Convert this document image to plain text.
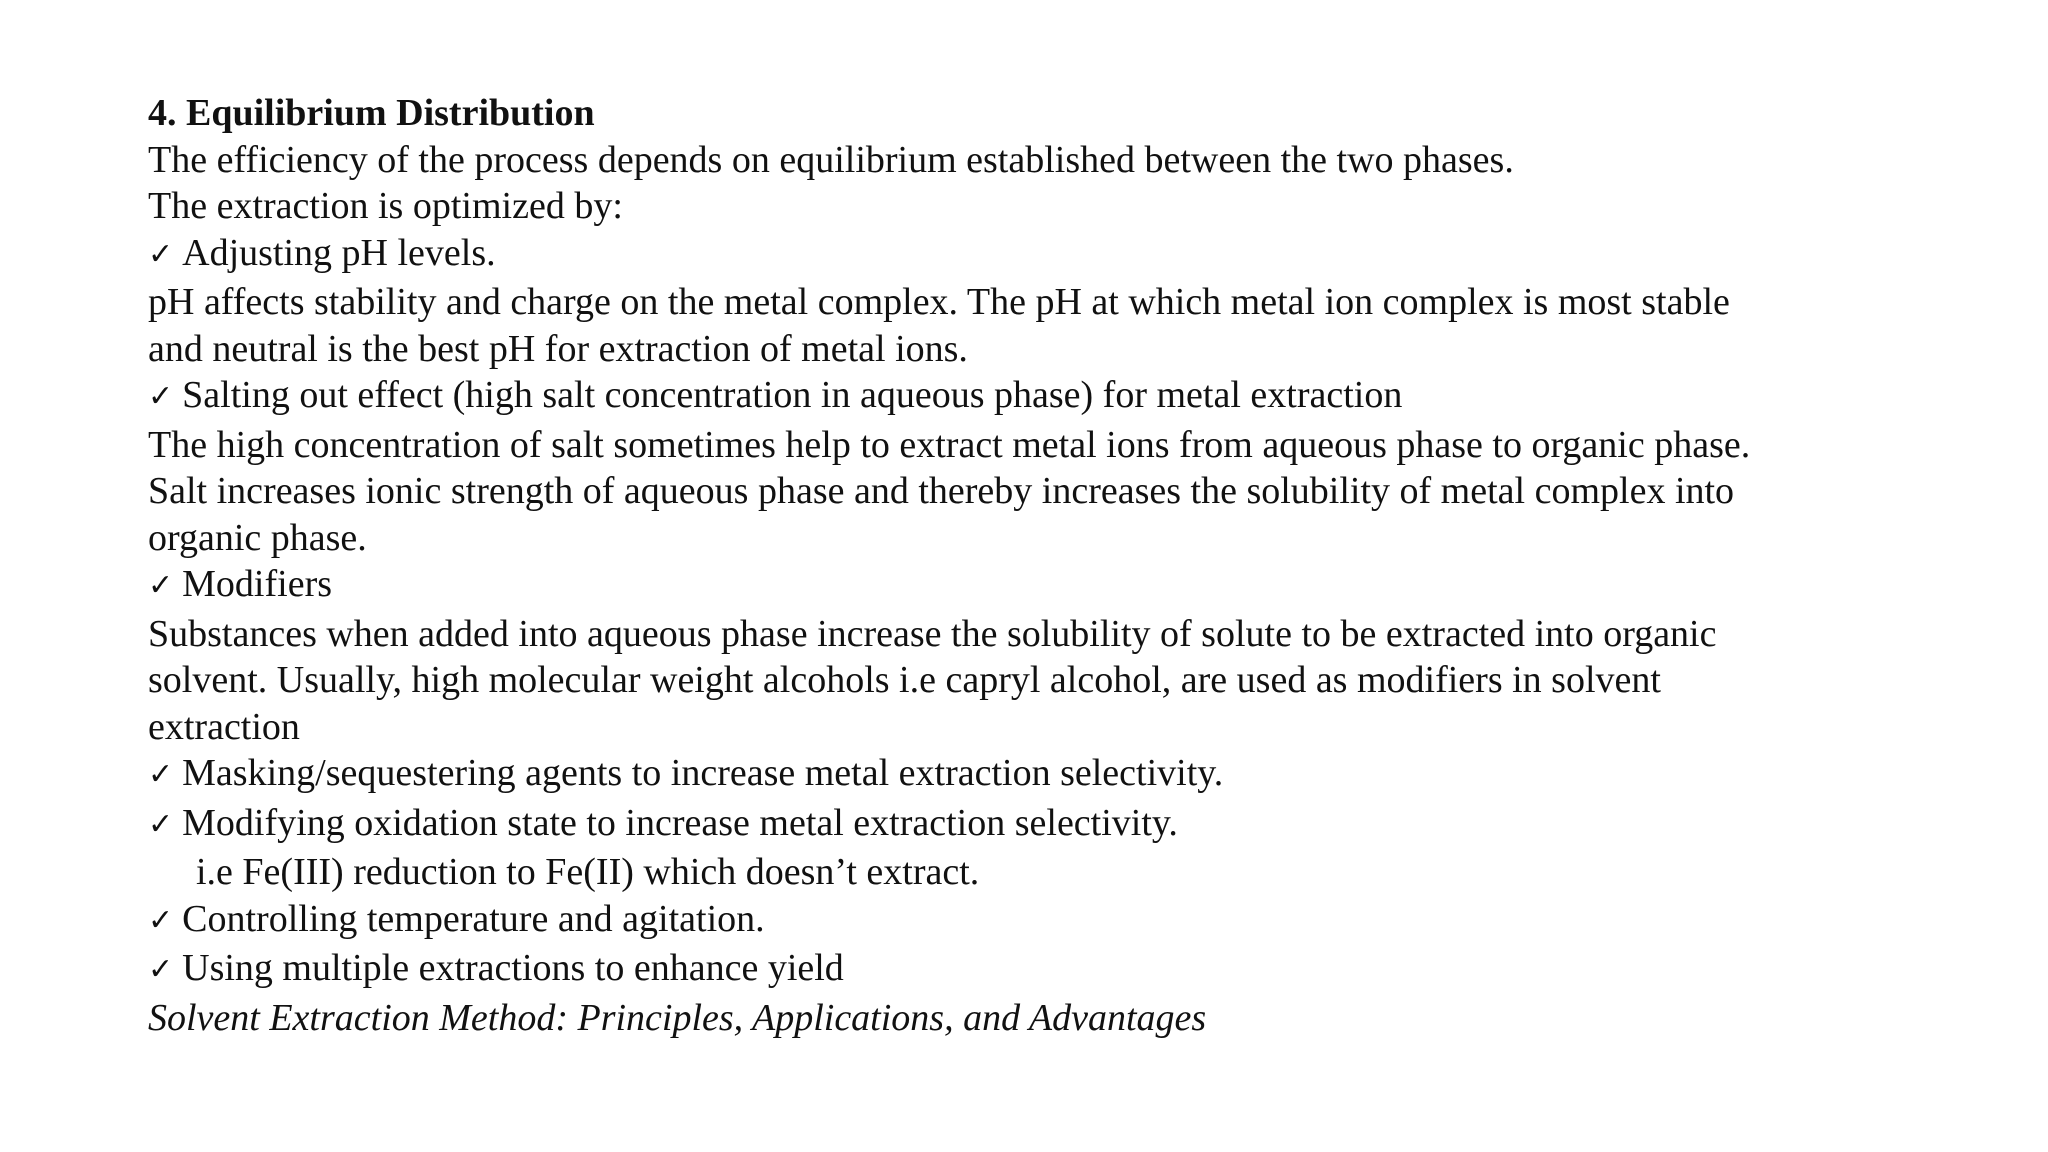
4. Equilibrium Distribution
The efficiency of the process depends on equilibrium established between the two phases.
The extraction is optimized by:
✓ Adjusting pH levels.
pH affects stability and charge on the metal complex. The pH at which metal ion complex is most stable
and neutral is the best pH for extraction of metal ions.
✓ Salting out effect (high salt concentration in aqueous phase) for metal extraction
The high concentration of salt sometimes help to extract metal ions from aqueous phase to organic phase.
Salt increases ionic strength of aqueous phase and thereby increases the solubility of metal complex into
organic phase.
✓ Modifiers
Substances when added into aqueous phase increase the solubility of solute to be extracted into organic
solvent. Usually, high molecular weight alcohols i.e capryl alcohol, are used as modifiers in solvent
extraction
✓ Masking/sequestering agents to increase metal extraction selectivity.
✓ Modifying oxidation state to increase metal extraction selectivity.
i.e Fe(III) reduction to Fe(II) which doesn’t extract.
✓ Controlling temperature and agitation.
✓ Using multiple extractions to enhance yield
Solvent Extraction Method: Principles, Applications, and Advantages
